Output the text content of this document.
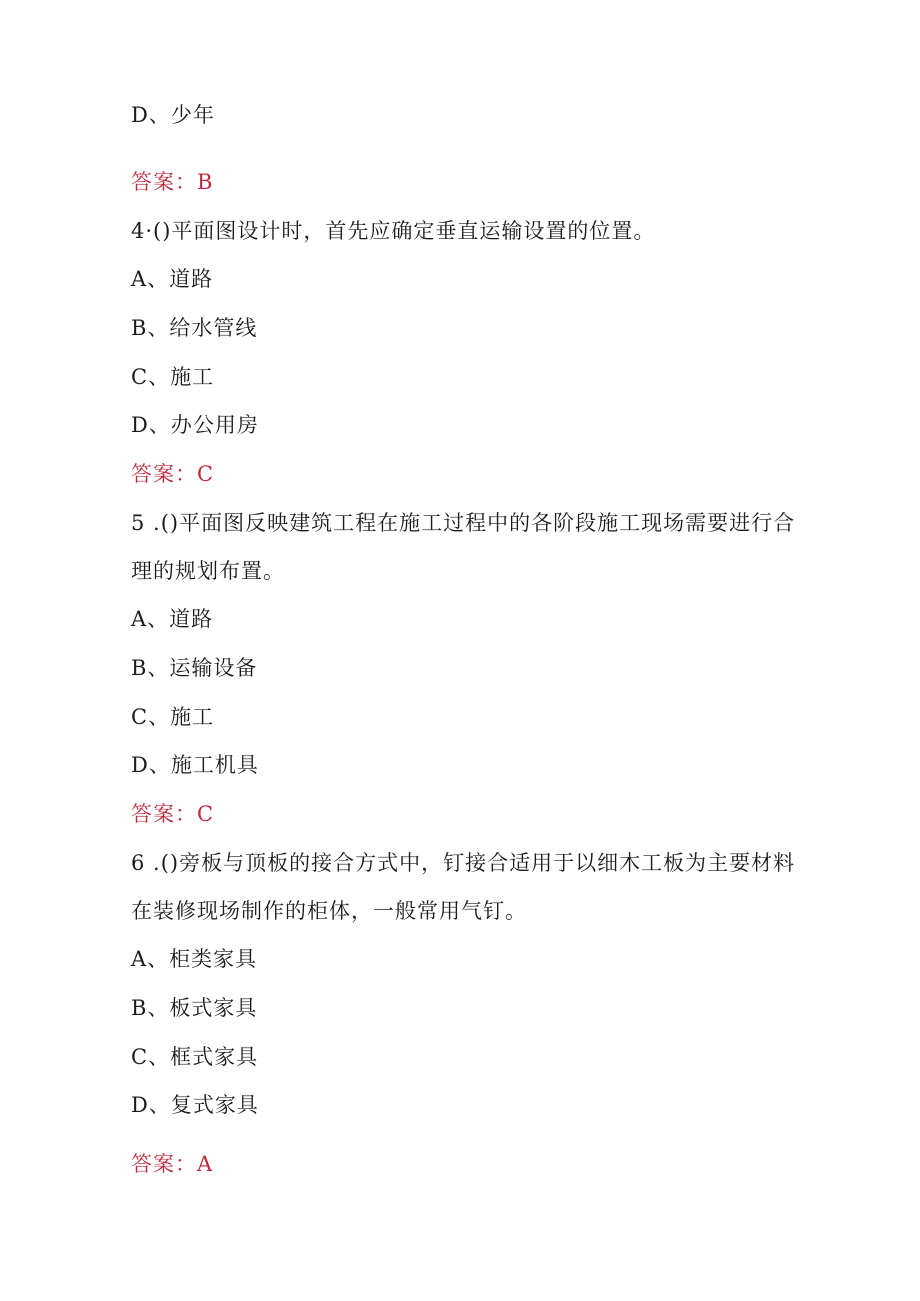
D、少年
答案：B
4·()平面图设计时，首先应确定垂直运输设置的位置。
A、道路
B、给水管线
C、施工
D、办公用房
答案：C
5 .()平面图反映建筑工程在施工过程中的各阶段施工现场需要进行合
理的规划布置。
A、道路
B、运输设备
C、施工
D、施工机具
答案：C
6 .()旁板与顶板的接合方式中，钉接合适用于以细木工板为主要材料
在装修现场制作的柜体，一般常用气钉。
A、柜类家具
B、板式家具
C、框式家具
D、复式家具
答案：A
